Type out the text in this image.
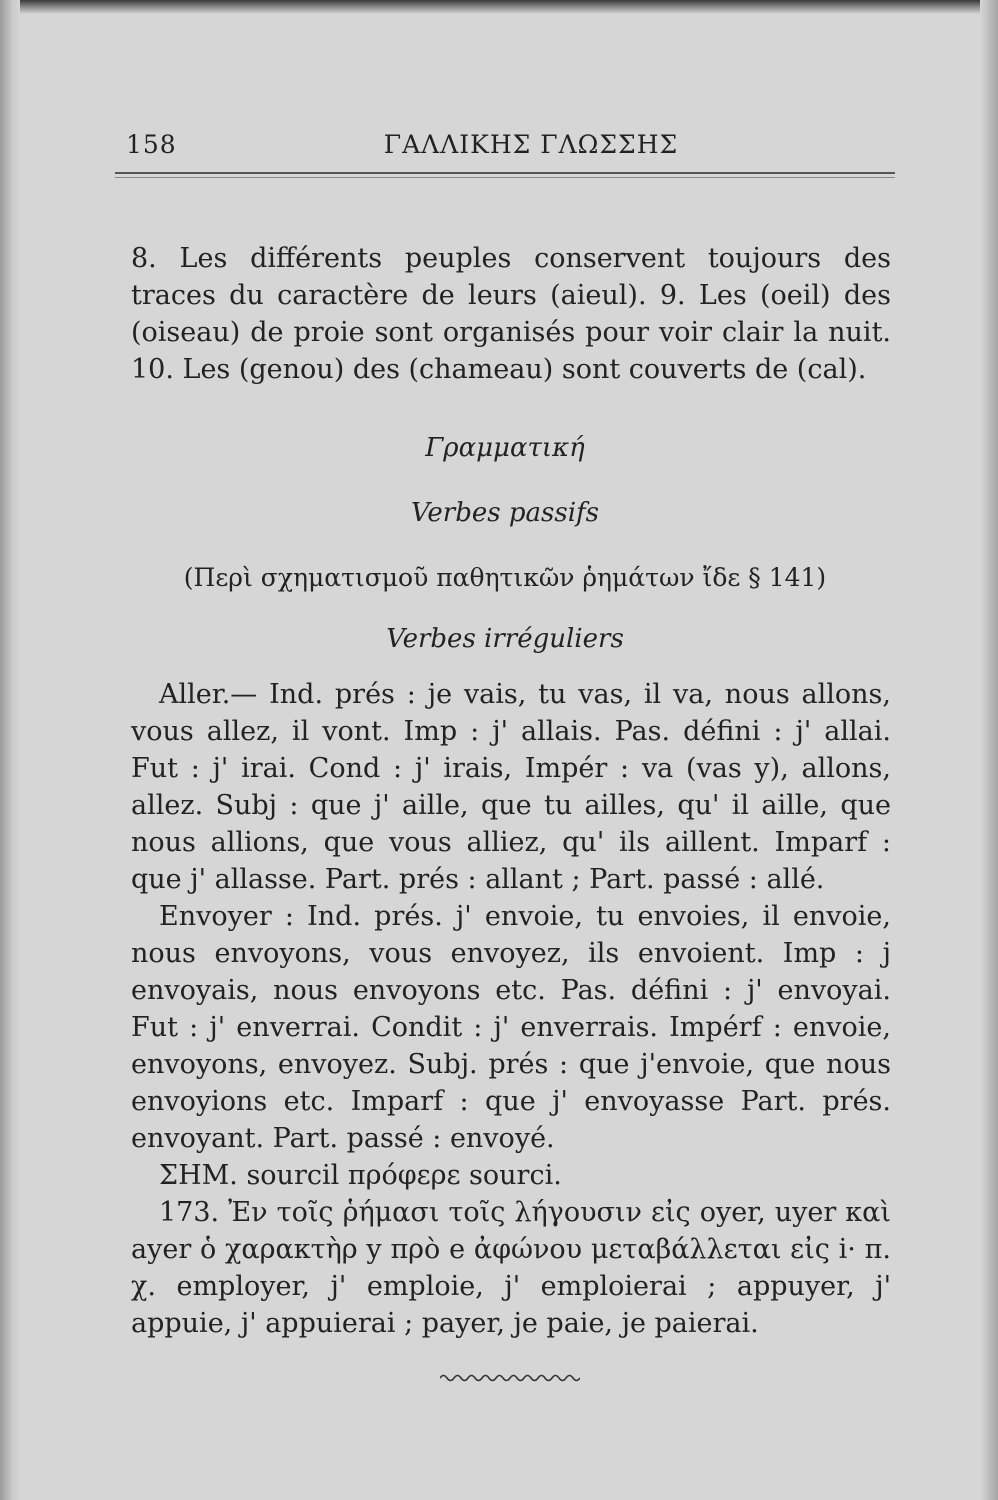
158	ΓΑΛΛΙΚΗΣ ΓΛΩΣΣΗΣ

8. Les différents peuples conservent toujours des traces du caractère de leurs (aieul). 9. Les (oeil) des (oiseau) de proie sont organisés pour voir clair la nuit. 10. Les (genou) des (chameau) sont couverts de (cal).

Γραμματική
Verbes passifs
(Περὶ σχηματισμοῦ παθητικῶν ῥημάτων ἴδε § 141)
Verbes irréguliers

Aller.— Ind. prés : je vais, tu vas, il va, nous allons, vous allez, il vont. Imp : j' allais. Pas. défini : j' allai. Fut : j' irai. Cond : j' irais, Impér : va (vas y), allons, allez. Subj : que j' aille, que tu ailles, qu' il aille, que nous allions, que vous alliez, qu' ils aillent. Imparf : que j' allasse. Part. prés : allant ; Part. passé : allé.

Envoyer : Ind. prés. j' envoie, tu envoies, il envoie, nous envoyons, vous envoyez, ils envoient. Imp : j envoyais, nous envoyons etc. Pas. défini : j' envoyai. Fut : j' enverrai. Condit : j' enverrais. Impérf : envoie, envoyons, envoyez. Subj. prés : que j'envoie, que nous envoyions etc. Imparf : que j' envoyasse Part. prés. envoyant. Part. passé : envoyé.

ΣΗΜ. sourcil πρόφερε sourci.

173. Ἐν τοῖς ῥήμασι τοῖς λήγουσιν εἰς oyer, uyer καὶ ayer ὁ χαρακτὴρ y πρὸ e ἀφώνου μεταβάλλεται εἰς i· π. χ. employer, j' emploie, j' emploierai ; appuyer, j' appuie, j' appuierai ; payer, je paie, je paierai.
